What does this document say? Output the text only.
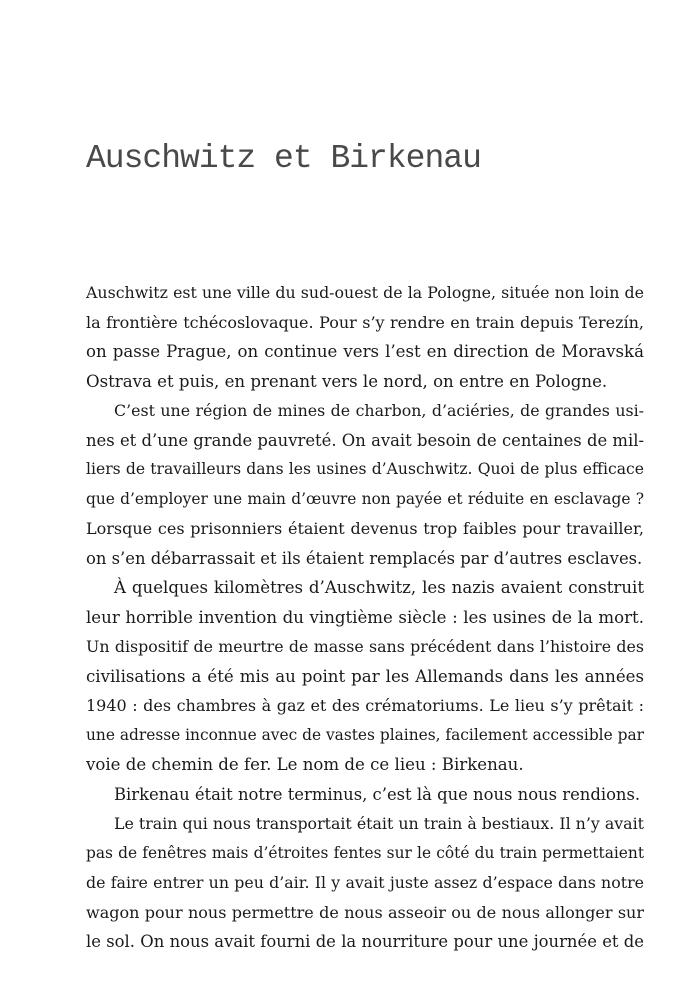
Auschwitz et Birkenau
Auschwitz est une ville du sud-ouest de la Pologne, située non loin de
la frontière tchécoslovaque. Pour s’y rendre en train depuis Terezín,
on passe Prague, on continue vers l’est en direction de Moravská
Ostrava et puis, en prenant vers le nord, on entre en Pologne.
C’est une région de mines de charbon, d’aciéries, de grandes usi-
nes et d’une grande pauvreté. On avait besoin de centaines de mil-
liers de travailleurs dans les usines d’Auschwitz. Quoi de plus efficace
que d’employer une main d’œuvre non payée et réduite en esclavage ?
Lorsque ces prisonniers étaient devenus trop faibles pour travailler,
on s’en débarrassait et ils étaient remplacés par d’autres esclaves.
À quelques kilomètres d’Auschwitz, les nazis avaient construit
leur horrible invention du vingtième siècle : les usines de la mort.
Un dispositif de meurtre de masse sans précédent dans l’histoire des
civilisations a été mis au point par les Allemands dans les années
1940 : des chambres à gaz et des crématoriums. Le lieu s’y prêtait :
une adresse inconnue avec de vastes plaines, facilement accessible par
voie de chemin de fer. Le nom de ce lieu : Birkenau.
Birkenau était notre terminus, c’est là que nous nous rendions.
Le train qui nous transportait était un train à bestiaux. Il n’y avait
pas de fenêtres mais d’étroites fentes sur le côté du train permettaient
de faire entrer un peu d’air. Il y avait juste assez d’espace dans notre
wagon pour nous permettre de nous asseoir ou de nous allonger sur
le sol. On nous avait fourni de la nourriture pour une journée et de
